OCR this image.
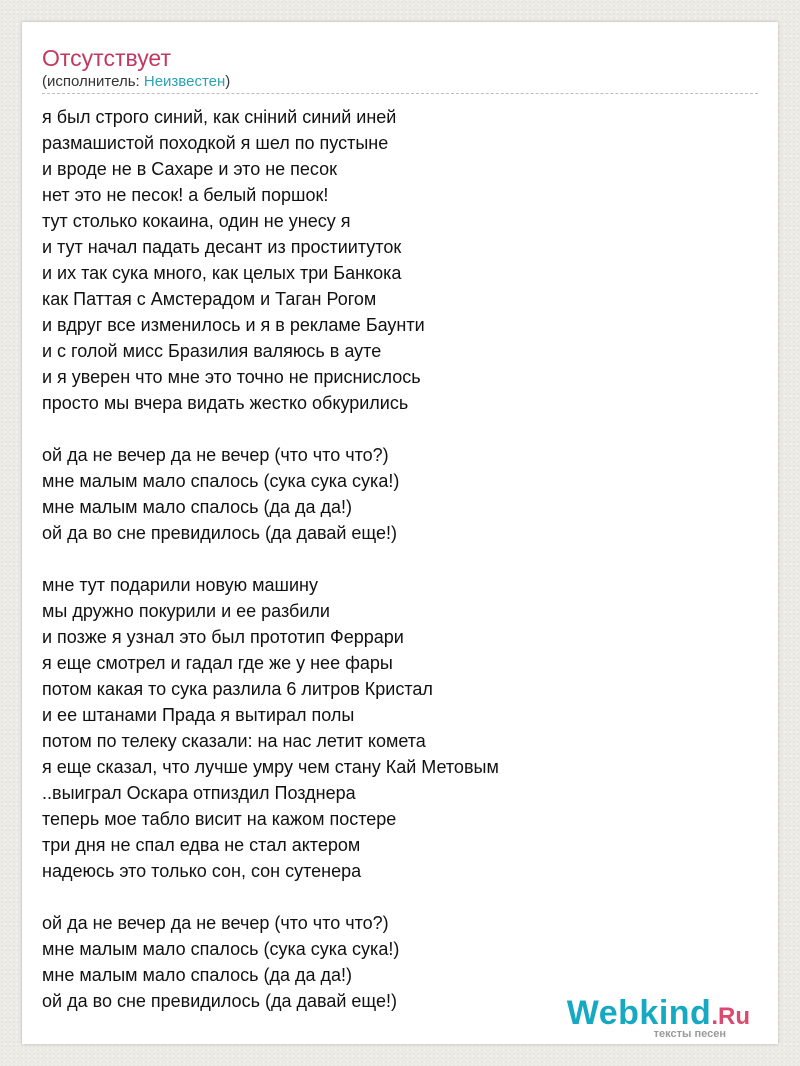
Отсутствует
(исполнитель: Неизвестен)
я был строго синий, как снiний синий иней
размашистой походкой я шел по пустыне
и вроде не в Сахаре и это не песок
нет это не песок! а белый поршок!
тут столько кокаина, один не унесу я
и тут начал падать десант из простиитуток
и их так сука много, как целых три Банкока
как Паттая с Амстерадом и Таган Рогом
и вдруг все изменилось и я в рекламе Баунти
и с голой мисс Бразилия валяюсь в ауте
и я уверен что мне это точно не приснислось
просто мы вчера видать жестко обкурились
ой да не вечер да не вечер (что что что?)
мне малым мало спалось (сука сука сука!)
мне малым мало спалось (да да да!)
ой да во сне превидилось (да давай еще!)
мне тут подарили новую машину
мы дружно покурили и ее разбили
и позже я узнал это был прототип Феррари
я еще смотрел и гадал где же у нее фары
потом какая то сука разлила 6 литров Кристал
и ее штанами Прада я вытирал полы
потом по телеку сказали: на нас летит комета
я еще сказал, что лучше умру чем стану Кай Метовым
..выиграл Оскара отпиздил Позднера
теперь мое табло висит на кажом постере
три дня не спал едва не стал актером
надеюсь это только сон, сон сутенера
ой да не вечер да не вечер (что что что?)
мне малым мало спалось (сука сука сука!)
мне малым мало спалось (да да да!)
ой да во сне превидилось (да давай еще!)	Webkind.Ru
тексты песен
